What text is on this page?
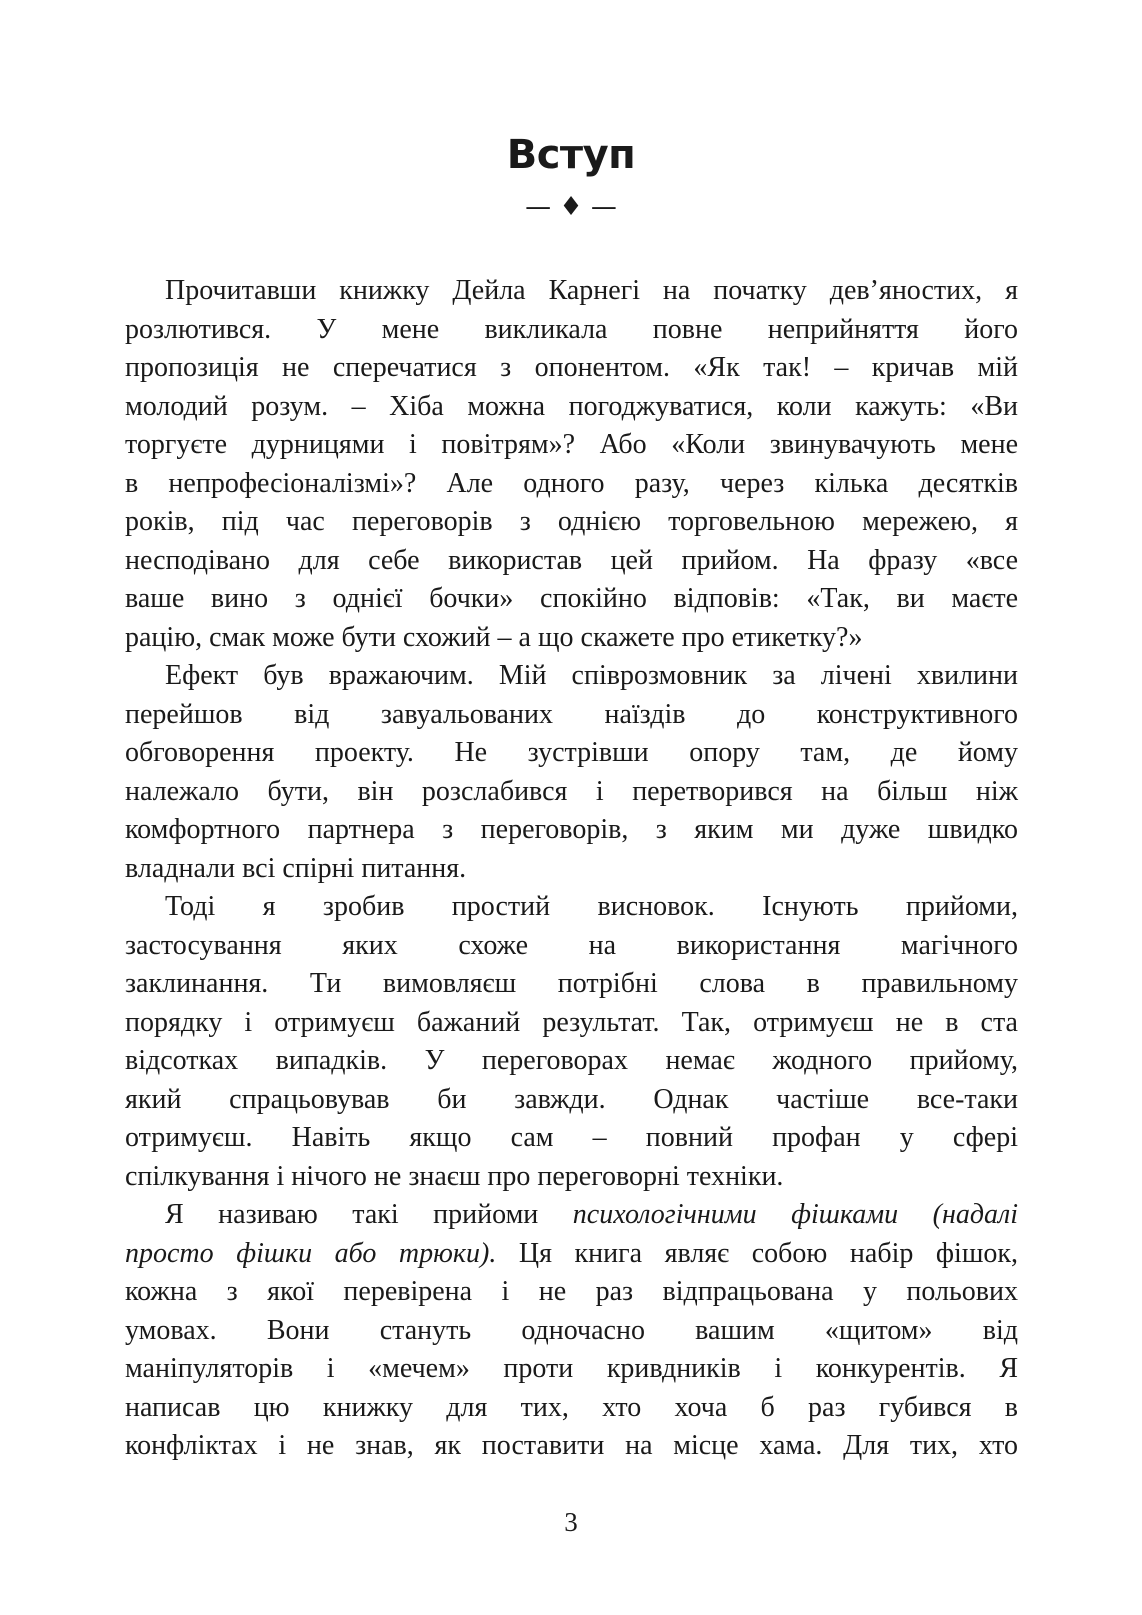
Вступ
— ♦ —
Прочитавши книжку Дейла Карнегі на початку дев’яностих, я
розлютився. У мене викликала повне неприйняття його
пропозиція не сперечатися з опонентом. «Як так! – кричав мій
молодий розум. – Хіба можна погоджуватися, коли кажуть: «Ви
торгуєте дурницями і повітрям»? Або «Коли звинувачують мене
в непрофесіоналізмі»? Але одного разу, через кілька десятків
років, під час переговорів з однією торговельною мережею, я
несподівано для себе використав цей прийом. На фразу «все
ваше вино з однієї бочки» спокійно відповів: «Так, ви маєте
рацію, смак може бути схожий – а що скажете про етикетку?»
Ефект був вражаючим. Мій співрозмовник за лічені хвилини
перейшов від завуальованих наїздів до конструктивного
обговорення проекту. Не зустрівши опору там, де йому
належало бути, він розслабився і перетворився на більш ніж
комфортного партнера з переговорів, з яким ми дуже швидко
владнали всі спірні питання.
Тоді я зробив простий висновок. Існують прийоми,
застосування яких схоже на використання магічного
заклинання. Ти вимовляєш потрібні слова в правильному
порядку і отримуєш бажаний результат. Так, отримуєш не в ста
відсотках випадків. У переговорах немає жодного прийому,
який спрацьовував би завжди. Однак частіше все-таки
отримуєш. Навіть якщо сам – повний профан у сфері
спілкування і нічого не знаєш про переговорні техніки.
Я називаю такі прийоми психологічними фішками (надалі
просто фішки або трюки). Ця книга являє собою набір фішок,
кожна з якої перевірена і не раз відпрацьована у польових
умовах. Вони стануть одночасно вашим «щитом» від
маніпуляторів і «мечем» проти кривдників і конкурентів. Я
написав цю книжку для тих, хто хоча б раз губився в
конфліктах і не знав, як поставити на місце хама. Для тих, хто
3
